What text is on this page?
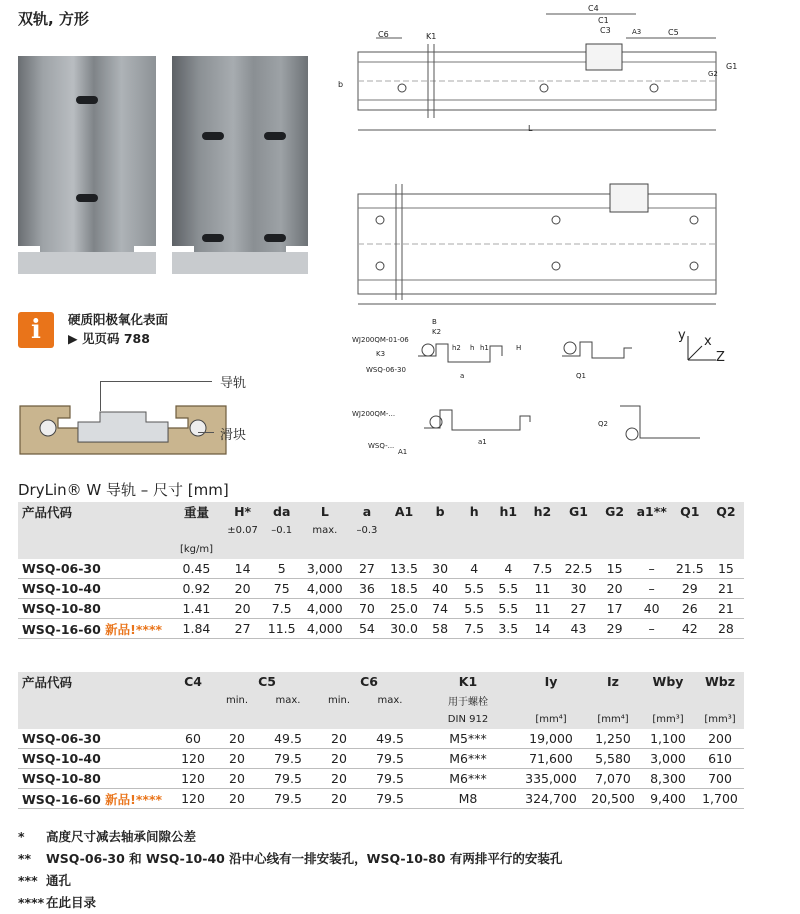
双轨, 方形
i	硬质阳极氧化表面
▶ 见页码 788
导轨
滑块
C4
C1
C3	C5
C6	K1
b
L
G1
WJ200QM-01-06
WSQ-06-30
WJ200QM-...
WSQ-...
y x
Z
DryLin® W 导轨 – 尺寸 [mm]
产品代码	重量	H*	da	L	a	A1	b	h	h1	h2	G1	G2	a1**	Q1	Q2
		±0.07	–0.1	max.	–0.3										
	[kg/m]														
WSQ-06-30	0.45	14	5	3,000	27	13.5	30	4	4	7.5	22.5	15	–	21.5	15
WSQ-10-40	0.92	20	75	4,000	36	18.5	40	5.5	5.5	11	30	20	–	29	21
WSQ-10-80	1.41	20	7.5	4,000	70	25.0	74	5.5	5.5	11	27	17	40	26	21
WSQ-16-60 新品!****	1.84	27	11.5	4,000	54	30.0	58	7.5	3.5	14	43	29	–	42	28
产品代码	C4	C5		C6		K1	Iy	Iz	Wby	Wbz
		min.	max.	min.	max.	用于螺栓				
						DIN 912	[mm⁴]	[mm⁴]	[mm³]	[mm³]
WSQ-06-30	60	20	49.5	20	49.5	M5***	19,000	1,250	1,100	200
WSQ-10-40	120	20	79.5	20	79.5	M6***	71,600	5,580	3,000	610
WSQ-10-80	120	20	79.5	20	79.5	M6***	335,000	7,070	8,300	700
WSQ-16-60 新品!****	120	20	79.5	20	79.5	M8	324,700	20,500	9,400	1,700
* 高度尺寸减去轴承间隙公差
** WSQ-06-30 和 WSQ-10-40 沿中心线有一排安装孔，WSQ-10-80 有两排平行的安装孔
*** 通孔
**** 在此目录
A3
G2
B
K2
K3
A1
a
a1
h h1
h2	H
Q1
Q2
